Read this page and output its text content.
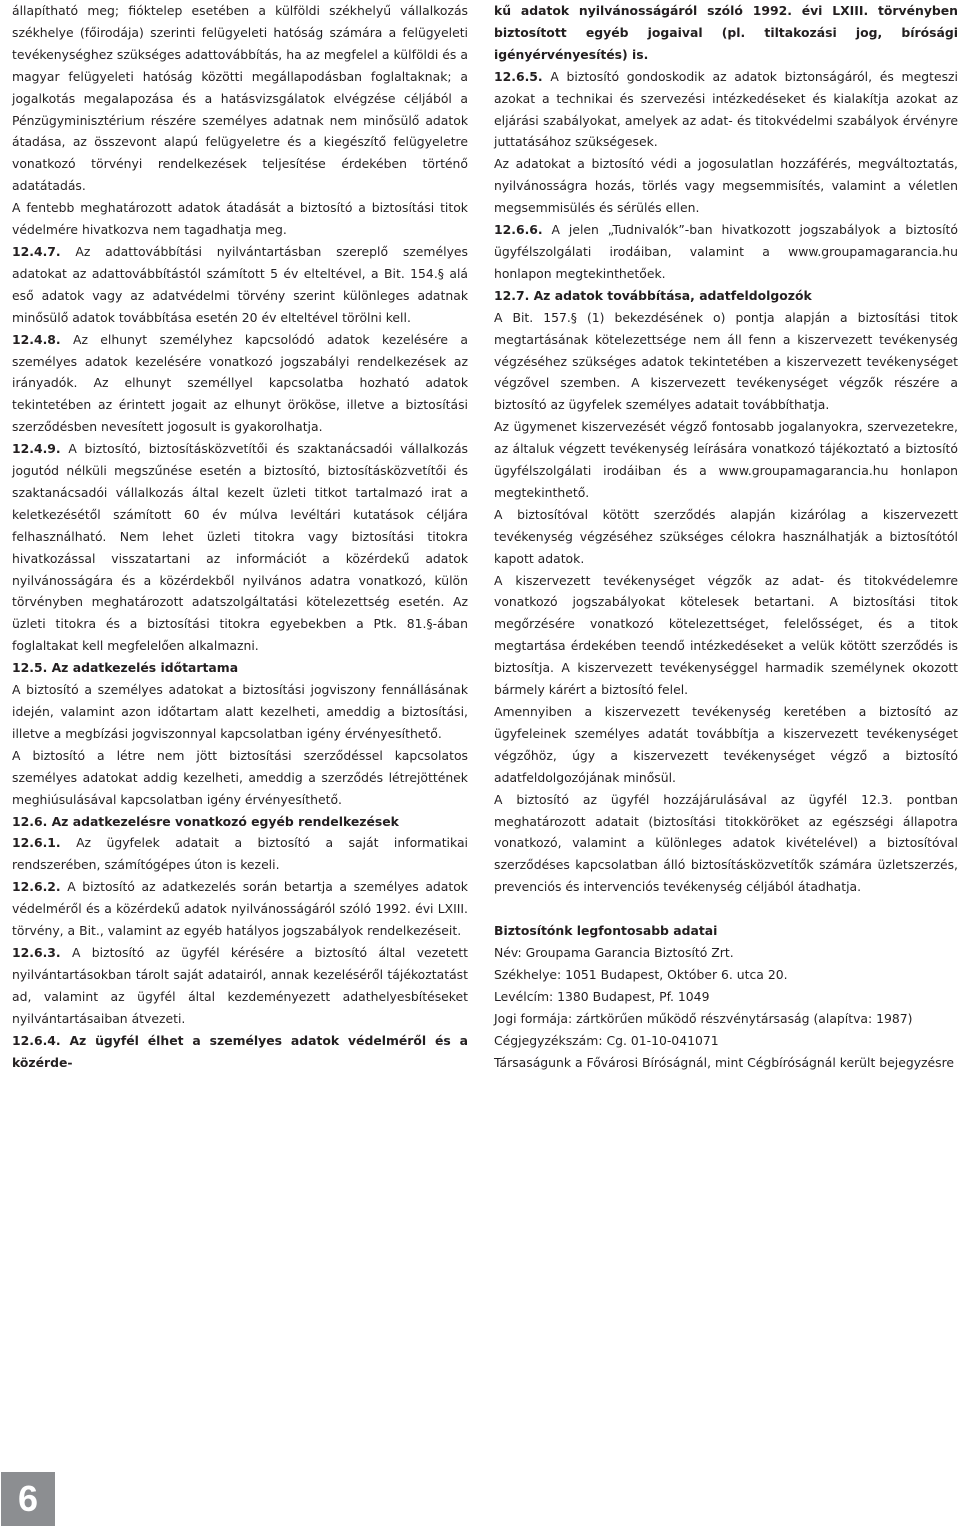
állapítható meg; fióktelep esetében a külföldi székhelyű vállalkozás székhelye (főirodája) szerinti felügyeleti hatóság számára a felügyeleti tevékenységhez szükséges adattovábbítás, ha az megfelel a külföldi és a magyar felügyeleti hatóság közötti megállapodásban foglaltaknak; a jogalkotás megalapozása és a hatásvizsgálatok elvégzése céljából a Pénzügyminisztérium részére személyes adatnak nem minősülő adatok átadása, az összevont alapú felügyeletre és a kiegészítő felügyeletre vonatkozó törvényi rendelkezések teljesítése érdekében történő adatátadás.

A fentebb meghatározott adatok átadását a biztosító a biztosítási titok védelmére hivatkozva nem tagadhatja meg.

12.4.7. Az adattovábbítási nyilvántartásban szereplő személyes adatokat az adattovábbítástól számított 5 év elteltével, a Bit. 154.§ alá eső adatok vagy az adatvédelmi törvény szerint különleges adatnak minősülő adatok továbbítása esetén 20 év elteltével törölni kell.

12.4.8. Az elhunyt személyhez kapcsolódó adatok kezelésére a személyes adatok kezelésére vonatkozó jogszabályi rendelkezések az irányadók. Az elhunyt személlyel kapcsolatba hozható adatok tekintetében az érintett jogait az elhunyt örököse, illetve a biztosítási szerződésben nevesített jogosult is gyakorolhatja.

12.4.9. A biztosító, biztosításközvetítői és szaktanácsadói vállalkozás jogutód nélküli megszűnése esetén a biztosító, biztosításközvetítői és szaktanácsadói vállalkozás által kezelt üzleti titkot tartalmazó irat a keletkezésétől számított 60 év múlva levéltári kutatások céljára felhasználható. Nem lehet üzleti titokra vagy biztosítási titokra hivatkozással visszatartani az információt a közérdekű adatok nyilvánosságára és a közérdekből nyilvános adatra vonatkozó, külön törvényben meghatározott adatszolgáltatási kötelezettség esetén. Az üzleti titokra és a biztosítási titokra egyebekben a Ptk. 81.§-ában foglaltakat kell megfelelően alkalmazni.

12.5. Az adatkezelés időtartama

A biztosító a személyes adatokat a biztosítási jogviszony fennállásának idején, valamint azon időtartam alatt kezelheti, ameddig a biztosítási, illetve a megbízási jogviszonnyal kapcsolatban igény érvényesíthető.

A biztosító a létre nem jött biztosítási szerződéssel kapcsolatos személyes adatokat addig kezelheti, ameddig a szerződés létrejöttének meghiúsulásával kapcsolatban igény érvényesíthető.

12.6. Az adatkezelésre vonatkozó egyéb rendelkezések

12.6.1. Az ügyfelek adatait a biztosító a saját informatikai rendszerében, számítógépes úton is kezeli.

12.6.2. A biztosító az adatkezelés során betartja a személyes adatok védelméről és a közérdekű adatok nyilvánosságáról szóló 1992. évi LXIII. törvény, a Bit., valamint az egyéb hatályos jogszabályok rendelkezéseit.

12.6.3. A biztosító az ügyfél kérésére a biztosító által vezetett nyilvántartásokban tárolt saját adatairól, annak kezeléséről tájékoztatást ad, valamint az ügyfél által kezdeményezett adathelyesbítéseket nyilvántartásaiban átvezeti.

12.6.4. Az ügyfél élhet a személyes adatok védelméről és a közérde-

kű adatok nyilvánosságáról szóló 1992. évi LXIII. törvényben biztosított egyéb jogaival (pl. tiltakozási jog, bírósági igényérvényesítés) is.

12.6.5. A biztosító gondoskodik az adatok biztonságáról, és megteszi azokat a technikai és szervezési intézkedéseket és kialakítja azokat az eljárási szabályokat, amelyek az adat- és titokvédelmi szabályok érvényre juttatásához szükségesek.

Az adatokat a biztosító védi a jogosulatlan hozzáférés, megváltoztatás, nyilvánosságra hozás, törlés vagy megsemmisítés, valamint a véletlen megsemmisülés és sérülés ellen.

12.6.6. A jelen „Tudnivalók”-ban hivatkozott jogszabályok a biztosító ügyfélszolgálati irodáiban, valamint a www.groupamagarancia.hu honlapon megtekinthetőek.

12.7. Az adatok továbbítása, adatfeldolgozók

A Bit. 157.§ (1) bekezdésének o) pontja alapján a biztosítási titok megtartásának kötelezettsége nem áll fenn a kiszervezett tevékenység végzéséhez szükséges adatok tekintetében a kiszervezett tevékenységet végzővel szemben. A kiszervezett tevékenységet végzők részére a biztosító az ügyfelek személyes adatait továbbíthatja.

Az ügymenet kiszervezését végző fontosabb jogalanyokra, szervezetekre, az általuk végzett tevékenység leírására vonatkozó tájékoztató a biztosító ügyfélszolgálati irodáiban és a www.groupamagarancia.hu honlapon megtekinthető.

A biztosítóval kötött szerződés alapján kizárólag a kiszervezett tevékenység végzéséhez szükséges célokra használhatják a biztosítótól kapott adatok.

A kiszervezett tevékenységet végzők az adat- és titokvédelemre vonatkozó jogszabályokat kötelesek betartani. A biztosítási titok megőrzésére vonatkozó kötelezettséget, felelősséget, és a titok megtartása érdekében teendő intézkedéseket a velük kötött szerződés is biztosítja. A kiszervezett tevékenységgel harmadik személynek okozott bármely kárért a biztosító felel.

Amennyiben a kiszervezett tevékenység keretében a biztosító az ügyfeleinek személyes adatát továbbítja a kiszervezett tevékenységet végzőhöz, úgy a kiszervezett tevékenységet végző a biztosító adatfeldolgozójának minősül.

A biztosító az ügyfél hozzájárulásával az ügyfél 12.3. pontban meghatározott adatait (biztosítási titokköröket az egészségi állapotra vonatkozó, valamint a különleges adatok kivételével) a biztosítóval szerződéses kapcsolatban álló biztosításközvetítők számára üzletszerzés, prevenciós és intervenciós tevékenység céljából átadhatja.

Biztosítónk legfontosabb adatai

Név: Groupama Garancia Biztosító Zrt.

Székhelye: 1051 Budapest, Október 6. utca 20.

Levélcím: 1380 Budapest, Pf. 1049

Jogi formája: zártkörűen működő részvénytársaság (alapítva: 1987)

Cégjegyzékszám: Cg. 01-10-041071

Társaságunk a Fővárosi Bíróságnál, mint Cégbíróságnál került bejegyzésre

6
